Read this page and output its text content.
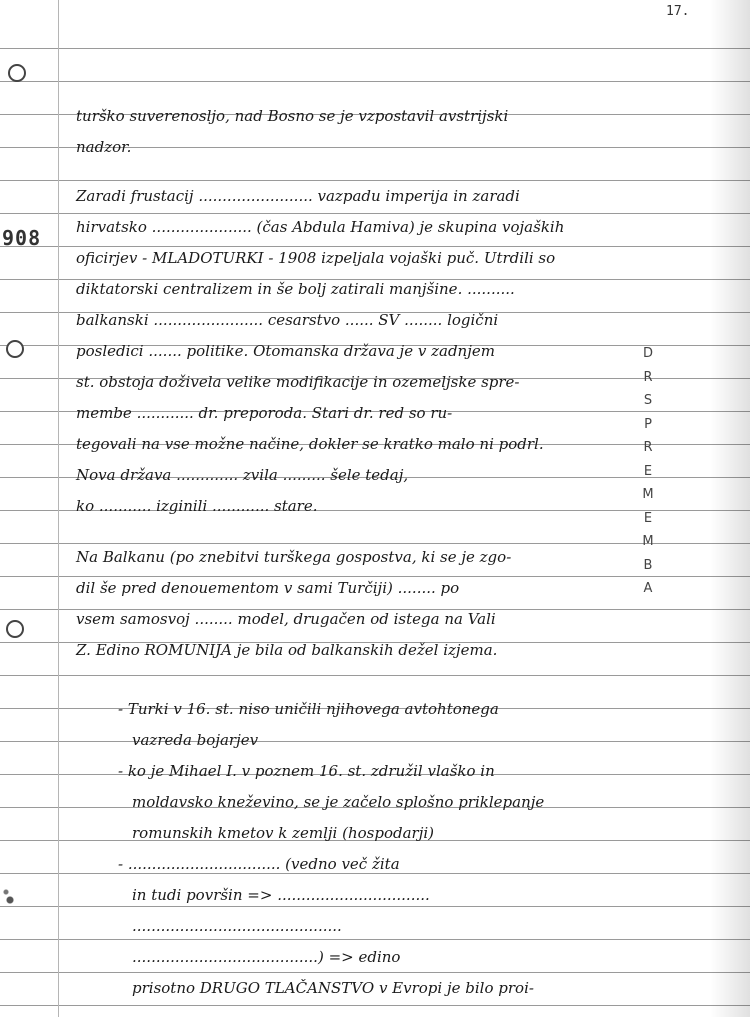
17.
908
turško suverenosljo, nad Bosno se je vzpostavil avstrijski
nadzor.
Zaradi frustacij ........................ vazpadu imperija in zaradi
hirvatsko ..................... (čas Abdula Hamiva) je skupina vojaških
oficirjev - MLADOTURKI - 1908 izpeljala vojaški puč. Utrdili so
diktatorski centralizem in še bolj zatirali manjšine. ..........
balkanski ....................... cesarstvo ...... SV ........ logični
posledici ....... politike. Otomanska država je v zadnjem
st. obstoja doživela velike modifikacije in ozemeljske spre-
membe ............ dr. preporoda. Stari dr. red so ru-
tegovali na vse možne načine, dokler se kratko malo ni podrl.
Nova država ............. zvila ......... šele tedaj,
ko ........... izginili ............ stare.
Na Balkanu (po znebitvi turškega gospostva, ki se je zgo-
dil še pred denouementom v sami Turčiji) ........ po
vsem samosvoj ........ model, drugačen od istega na Vali
Z. Edino ROMUNIJA je bila od balkanskih dežel izjema.
- Turki v 16. st. niso uničili njihovega avtohtonega
vazreda bojarjev
- ko je Mihael I. v poznem 16. st. združil vlaško in
moldavsko kneževino, se je začelo splošno priklepanje
romunskih kmetov k zemlji (hospodarji)
- ................................ (vedno več žita
in tudi površin => ................................
............................................
.......................................) => edino
prisotno DRUGO TLAČANSTVO v Evropi je bilo proi-
D
R
S
P
R
E
M
E
M
B
A
